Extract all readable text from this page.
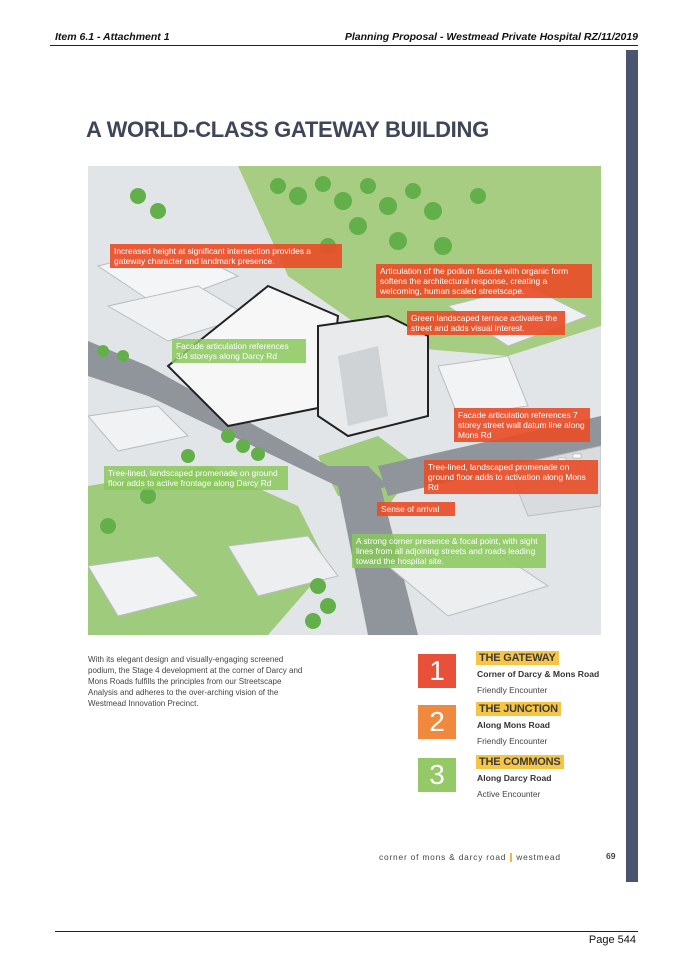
Item 6.1 - Attachment 1	Planning Proposal - Westmead Private Hospital RZ/11/2019
A WORLD-CLASS GATEWAY BUILDING
Increased height at significant intersection provides a gateway character and landmark presence.
Articulation of the podium facade with organic form softens the architectural response, creating a welcoming, human scaled streetscape.
Green landscaped terrace activates the street and adds visual interest.
Facade articulation references 3/4 storeys along Darcy Rd
Facade articulation references 7 storey street wall datum line along Mons Rd
Tree-lined, landscaped promenade on ground floor adds to active frontage along Darcy Rd
Tree-lined, landscaped promenade on ground floor adds to activation along Mons Rd
Sense of arrival
A strong corner presence & focal point, with sight lines from all adjoining streets and roads leading toward the hospital site.
With its elegant design and visually-engaging screened podium, the Stage 4 development at the corner of Darcy and Mons Roads fulfills the principles from our Streetscape Analysis and adheres to the over-arching vision of the Westmead Innovation Precinct.
1	THE GATEWAY
Corner of Darcy & Mons Road
Friendly Encounter
2	THE JUNCTION
Along Mons Road
Friendly Encounter
3	THE COMMONS
Along Darcy Road
Active Encounter
corner of mons & darcy road westmead	69
Page 544
